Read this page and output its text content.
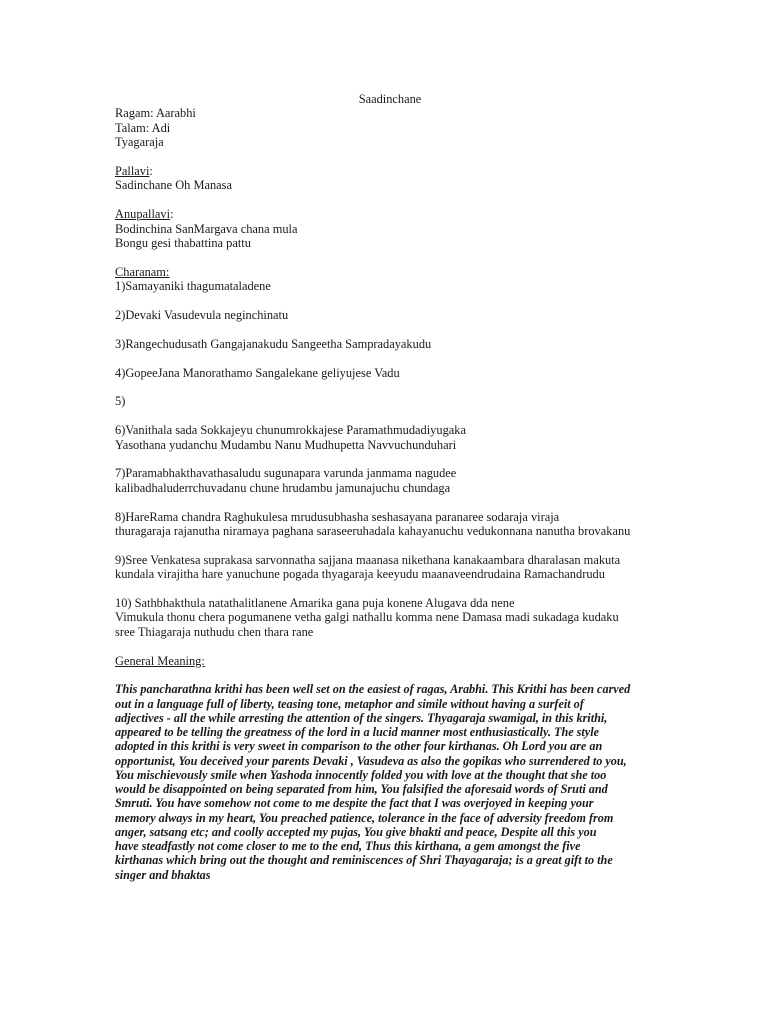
Saadinchane
Ragam: Aarabhi
Talam: Adi
Tyagaraja
Pallavi:
Sadinchane Oh Manasa
Anupallavi:
Bodinchina SanMargava chana mula
Bongu gesi thabattina pattu
Charanam:
1)Samayaniki thagumataladene
2)Devaki Vasudevula neginchinatu
3)Rangechudusath Gangajanakudu Sangeetha Sampradayakudu
4)GopeeJana Manorathamo Sangalekane geliyujese Vadu
5)
6)Vanithala sada Sokkajeyu chunumrokkajese Paramathmudadiyugaka
Yasothana yudanchu Mudambu Nanu Mudhupetta Navvuchunduhari
7)Paramabhakthavathasaludu sugunapara varunda janmama nagudee
kalibadhaluderrchuvadanu chune hrudambu jamunajuchu chundaga
8)HareRama chandra Raghukulesa mrudusubhasha seshasayana paranaree sodaraja viraja
thuragaraja rajanutha niramaya paghana saraseeruhadala kahayanuchu vedukonnana nanutha brovakanu
9)Sree Venkatesa suprakasa sarvonnatha sajjana maanasa nikethana kanakaambara dharalasan makuta
kundala virajitha hare yanuchune pogada thyagaraja keeyudu maanaveendrudaina Ramachandrudu
10) Sathbhakthula natathalitlanene Amarika gana puja konene Alugava dda nene
Vimukula thonu chera pogumanene vetha galgi nathallu komma nene Damasa madi sukadaga kudaku
sree Thiagaraja nuthudu chen thara rane
General Meaning:
This pancharathna krithi has been well set on the easiest of ragas, Arabhi. This Krithi has been carved
out in a language full of liberty, teasing tone, metaphor and simile without having a surfeit of
adjectives - all the while arresting the attention of the singers. Thyagaraja swamigal, in this krithi,
appeared to be telling the greatness of the lord in a lucid manner most enthusiastically. The style
adopted in this krithi is very sweet in comparison to the other four kirthanas. Oh Lord you are an
opportunist, You deceived your parents Devaki , Vasudeva as also the gopikas who surrendered to you,
You mischievously smile when Yashoda innocently folded you with love at the thought that she too
would be disappointed on being separated from him, You falsified the aforesaid words of Sruti and
Smruti. You have somehow not come to me despite the fact that I was overjoyed in keeping your
memory always in my heart, You preached patience, tolerance in the face of adversity freedom from
anger, satsang etc; and coolly accepted my pujas, You give bhakti and peace, Despite all this you
have steadfastly not come closer to me to the end, Thus this kirthana, a gem amongst the five
kirthanas which bring out the thought and reminiscences of Shri Thayagaraja; is a great gift to the
singer and bhaktas
